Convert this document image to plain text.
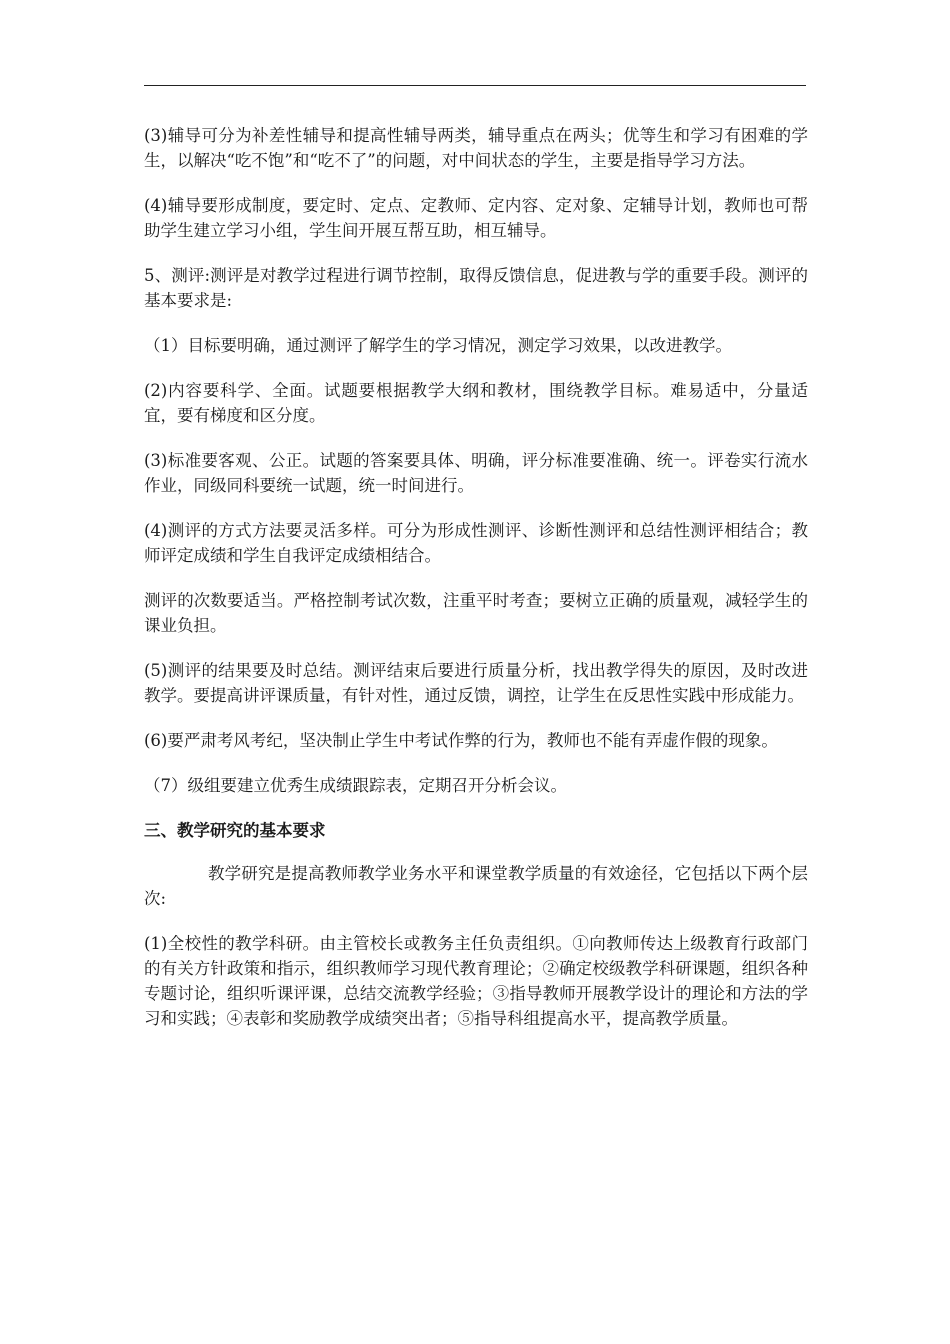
(3)辅导可分为补差性辅导和提高性辅导两类，辅导重点在两头；优等生和学习有困难的学生，以解决“吃不饱”和“吃不了”的问题，对中间状态的学生，主要是指导学习方法。

(4)辅导要形成制度，要定时、定点、定教师、定内容、定对象、定辅导计划，教师也可帮助学生建立学习小组，学生间开展互帮互助，相互辅导。

5、测评:测评是对教学过程进行调节控制，取得反馈信息，促进教与学的重要手段。测评的基本要求是:

（1）目标要明确，通过测评了解学生的学习情况，测定学习效果，以改进教学。

(2)内容要科学、全面。试题要根据教学大纲和教材，围绕教学目标。难易适中，分量适宜，要有梯度和区分度。

(3)标准要客观、公正。试题的答案要具体、明确，评分标准要准确、统一。评卷实行流水作业，同级同科要统一试题，统一时间进行。

(4)测评的方式方法要灵活多样。可分为形成性测评、诊断性测评和总结性测评相结合；教师评定成绩和学生自我评定成绩相结合。

测评的次数要适当。严格控制考试次数，注重平时考查；要树立正确的质量观，减轻学生的课业负担。

(5)测评的结果要及时总结。测评结束后要进行质量分析，找出教学得失的原因，及时改进教学。要提高讲评课质量，有针对性，通过反馈，调控，让学生在反思性实践中形成能力。

(6)要严肃考风考纪，坚决制止学生中考试作弊的行为，教师也不能有弄虚作假的现象。

（7）级组要建立优秀生成绩跟踪表，定期召开分析会议。

三、教学研究的基本要求

教学研究是提高教师教学业务水平和课堂教学质量的有效途径，它包括以下两个层次:

(1)全校性的教学科研。由主管校长或教务主任负责组织。①向教师传达上级教育行政部门的有关方针政策和指示，组织教师学习现代教育理论；②确定校级教学科研课题，组织各种专题讨论，组织听课评课，总结交流教学经验；③指导教师开展教学设计的理论和方法的学习和实践；④表彰和奖励教学成绩突出者；⑤指导科组提高水平，提高教学质量。
